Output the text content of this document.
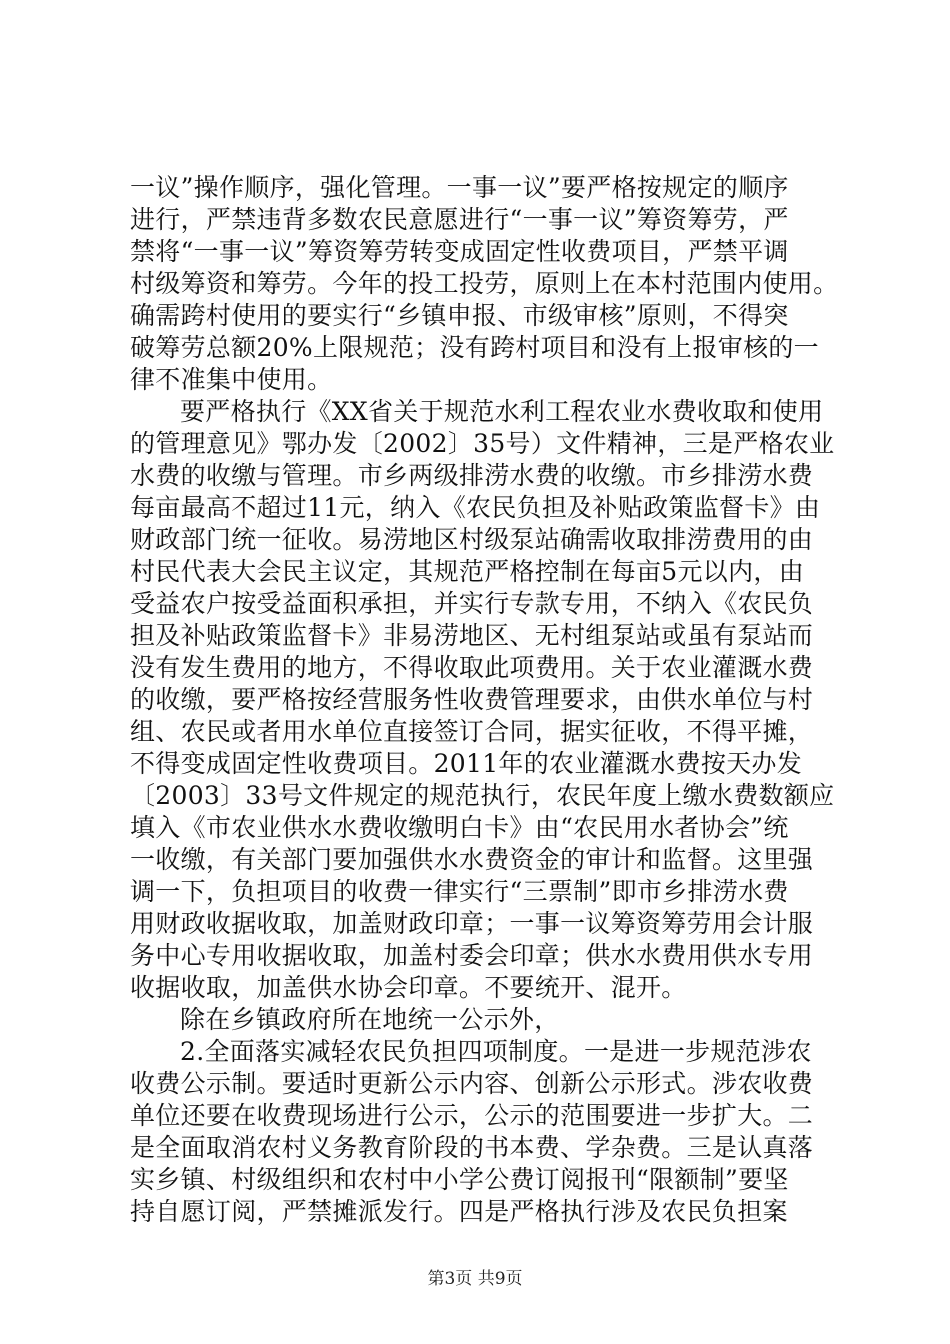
一议”操作顺序，强化管理。一事一议”要严格按规定的顺序
进行，严禁违背多数农民意愿进行“一事一议”筹资筹劳，严
禁将“一事一议”筹资筹劳转变成固定性收费项目，严禁平调
村级筹资和筹劳。今年的投工投劳，原则上在本村范围内使用。
确需跨村使用的要实行“乡镇申报、市级审核”原则，不得突
破筹劳总额20%上限规范；没有跨村项目和没有上报审核的一
律不准集中使用。
要严格执行《XX省关于规范水利工程农业水费收取和使用
的管理意见》鄂办发〔2002〕35号）文件精神，三是严格农业
水费的收缴与管理。市乡两级排涝水费的收缴。市乡排涝水费
每亩最高不超过11元，纳入《农民负担及补贴政策监督卡》由
财政部门统一征收。易涝地区村级泵站确需收取排涝费用的由
村民代表大会民主议定，其规范严格控制在每亩5元以内，由
受益农户按受益面积承担，并实行专款专用，不纳入《农民负
担及补贴政策监督卡》非易涝地区、无村组泵站或虽有泵站而
没有发生费用的地方，不得收取此项费用。关于农业灌溉水费
的收缴，要严格按经营服务性收费管理要求，由供水单位与村
组、农民或者用水单位直接签订合同，据实征收，不得平摊，
不得变成固定性收费项目。2011年的农业灌溉水费按天办发
〔2003〕33号文件规定的规范执行，农民年度上缴水费数额应
填入《市农业供水水费收缴明白卡》由“农民用水者协会”统
一收缴，有关部门要加强供水水费资金的审计和监督。这里强
调一下，负担项目的收费一律实行“三票制”即市乡排涝水费
用财政收据收取，加盖财政印章；一事一议筹资筹劳用会计服
务中心专用收据收取，加盖村委会印章；供水水费用供水专用
收据收取，加盖供水协会印章。不要统开、混开。
除在乡镇政府所在地统一公示外，
2.全面落实减轻农民负担四项制度。一是进一步规范涉农
收费公示制。要适时更新公示内容、创新公示形式。涉农收费
单位还要在收费现场进行公示，公示的范围要进一步扩大。二
是全面取消农村义务教育阶段的书本费、学杂费。三是认真落
实乡镇、村级组织和农村中小学公费订阅报刊“限额制”要坚
持自愿订阅，严禁摊派发行。四是严格执行涉及农民负担案
第3页 共9页
